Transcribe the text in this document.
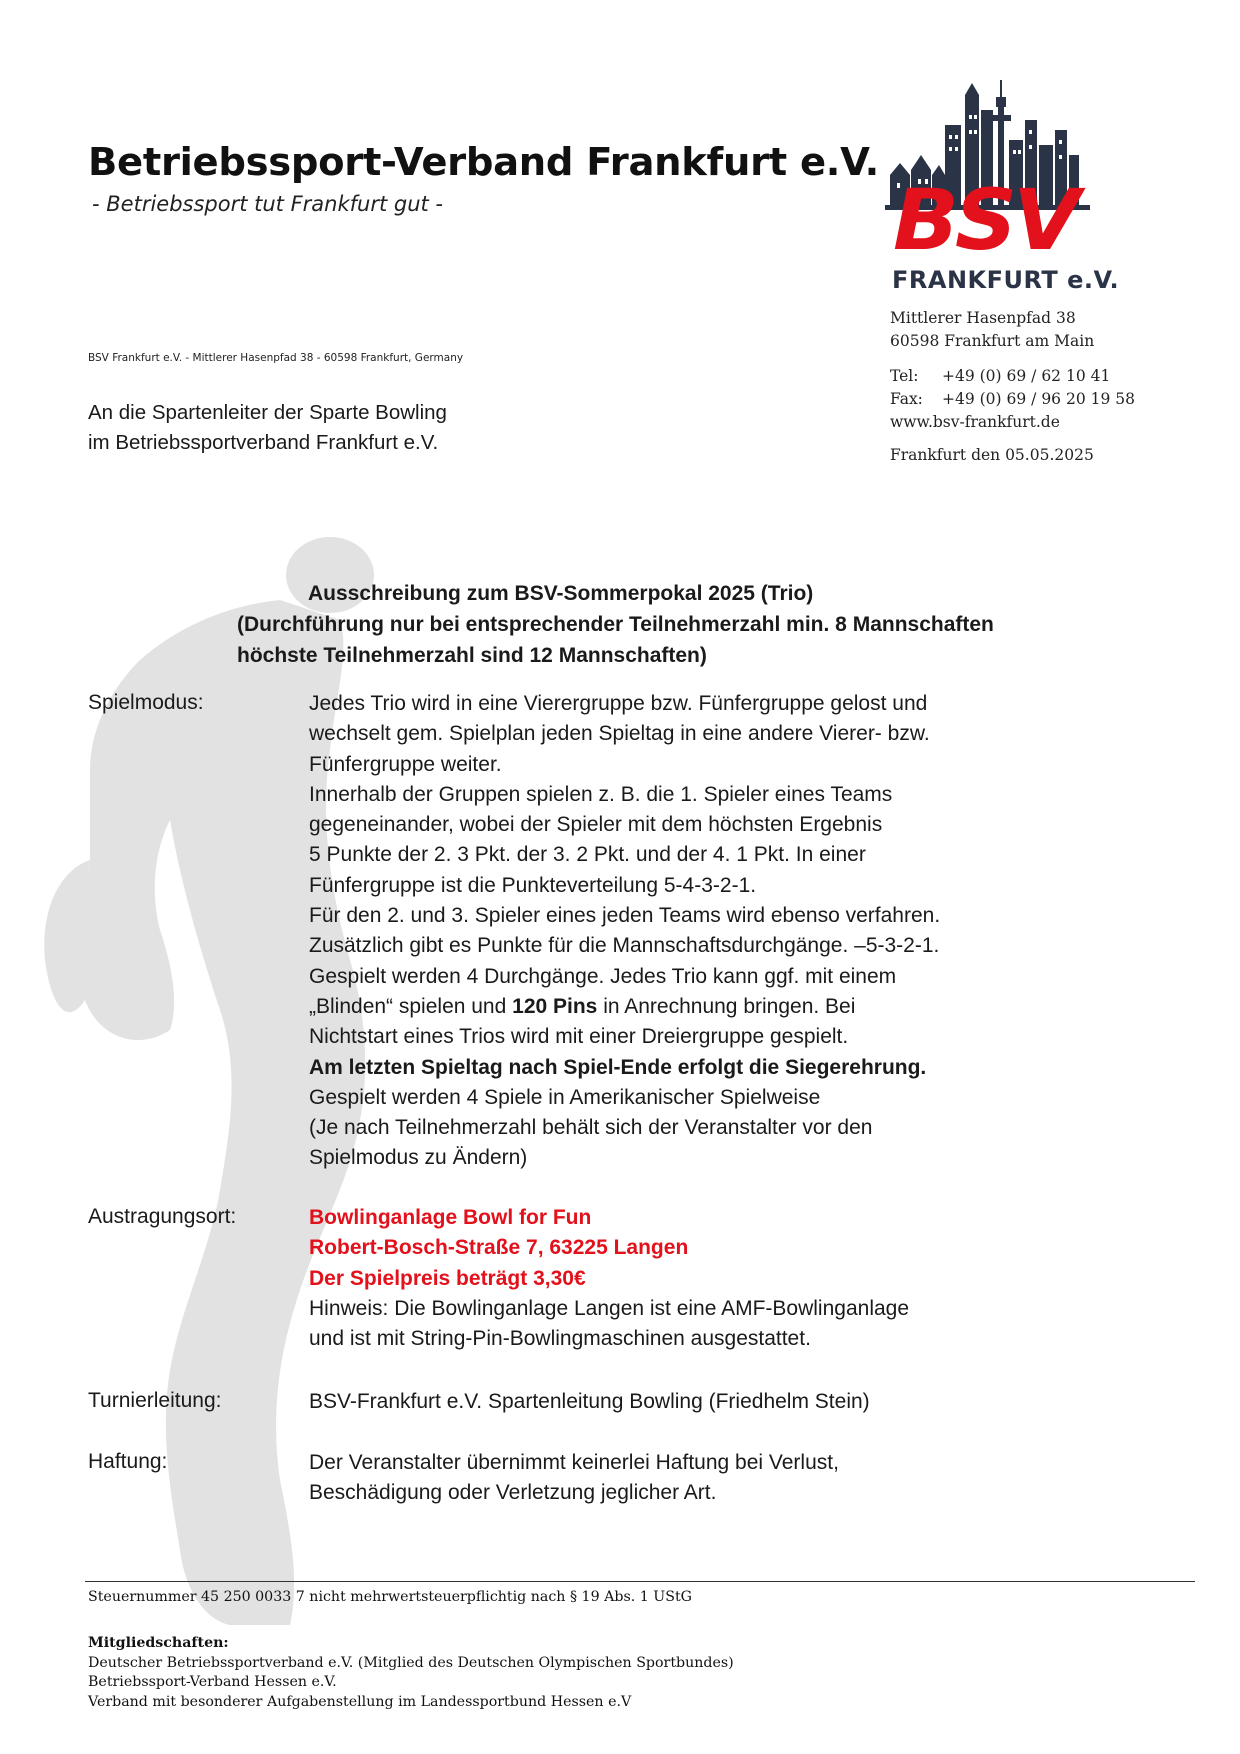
Betriebssport-Verband Frankfurt e.V.
- Betriebssport tut Frankfurt gut -
BSV Frankfurt e.V. - Mittlerer Hasenpfad 38 - 60598 Frankfurt, Germany
An die Spartenleiter der Sparte Bowling
im Betriebssportverband Frankfurt e.V.
BSV
FRANKFURT e.V.
Mittlerer Hasenpfad 38
60598 Frankfurt am Main
Tel: +49 (0) 69 / 62 10 41
Fax: +49 (0) 69 / 96 20 19 58
www.bsv-frankfurt.de
Frankfurt den 05.05.2025
Ausschreibung zum BSV-Sommerpokal 2025 (Trio)
(Durchführung nur bei entsprechender Teilnehmerzahl min. 8 Mannschaften
höchste Teilnehmerzahl sind 12 Mannschaften)
Spielmodus:	Jedes Trio wird in eine Vierergruppe bzw. Fünfergruppe gelost und
wechselt gem. Spielplan jeden Spieltag in eine andere Vierer- bzw.
Fünfergruppe weiter.
Innerhalb der Gruppen spielen z. B. die 1. Spieler eines Teams
gegeneinander, wobei der Spieler mit dem höchsten Ergebnis
5 Punkte der 2. 3 Pkt. der 3. 2 Pkt. und der 4. 1 Pkt. In einer
Fünfergruppe ist die Punkteverteilung 5-4-3-2-1.
Für den 2. und 3. Spieler eines jeden Teams wird ebenso verfahren.
Zusätzlich gibt es Punkte für die Mannschaftsdurchgänge. –5-3-2-1.
Gespielt werden 4 Durchgänge. Jedes Trio kann ggf. mit einem
„Blinden“ spielen und 120 Pins in Anrechnung bringen. Bei
Nichtstart eines Trios wird mit einer Dreiergruppe gespielt.
Am letzten Spieltag nach Spiel-Ende erfolgt die Siegerehrung.
Gespielt werden 4 Spiele in Amerikanischer Spielweise
(Je nach Teilnehmerzahl behält sich der Veranstalter vor den
Spielmodus zu Ändern)
Austragungsort:	Bowlinganlage Bowl for Fun
Robert-Bosch-Straße 7, 63225 Langen
Der Spielpreis beträgt 3,30€
Hinweis: Die Bowlinganlage Langen ist eine AMF-Bowlinganlage
und ist mit String-Pin-Bowlingmaschinen ausgestattet.
Turnierleitung:	BSV-Frankfurt e.V. Spartenleitung Bowling (Friedhelm Stein)
Haftung:	Der Veranstalter übernimmt keinerlei Haftung bei Verlust,
Beschädigung oder Verletzung jeglicher Art.
Steuernummer 45 250 0033 7 nicht mehrwertsteuerpflichtig nach § 19 Abs. 1 UStG
Mitgliedschaften:
Deutscher Betriebssportverband e.V. (Mitglied des Deutschen Olympischen Sportbundes)
Betriebssport-Verband Hessen e.V.
Verband mit besonderer Aufgabenstellung im Landessportbund Hessen e.V
